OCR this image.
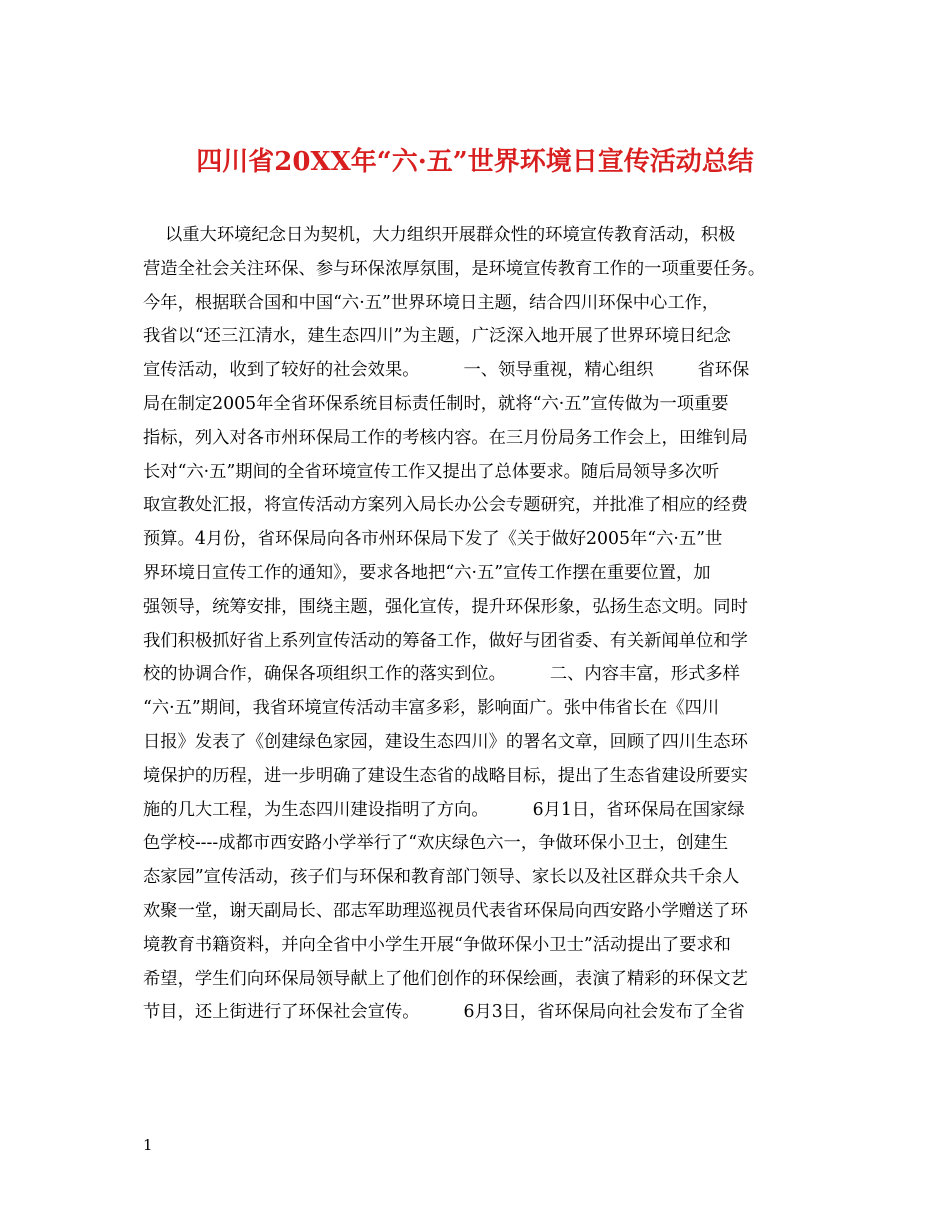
四川省20XX年“六·五”世界环境日宣传活动总结
以重大环境纪念日为契机，大力组织开展群众性的环境宣传教育活动，积极
营造全社会关注环保、参与环保浓厚氛围，是环境宣传教育工作的一项重要任务。
今年，根据联合国和中国“六·五”世界环境日主题，结合四川环保中心工作，
我省以“还三江清水，建生态四川”为主题，广泛深入地开展了世界环境日纪念
宣传活动，收到了较好的社会效果。        一、领导重视，精心组织        省环保
局在制定2005年全省环保系统目标责任制时，就将“六·五”宣传做为一项重要
指标，列入对各市州环保局工作的考核内容。在三月份局务工作会上，田维钊局
长对“六·五”期间的全省环境宣传工作又提出了总体要求。随后局领导多次听
取宣教处汇报，将宣传活动方案列入局长办公会专题研究，并批准了相应的经费
预算。4月份，省环保局向各市州环保局下发了《关于做好2005年“六·五”世
界环境日宣传工作的通知》，要求各地把“六·五”宣传工作摆在重要位置，加
强领导，统筹安排，围绕主题，强化宣传，提升环保形象，弘扬生态文明。同时
我们积极抓好省上系列宣传活动的筹备工作，做好与团省委、有关新闻单位和学
校的协调合作，确保各项组织工作的落实到位。        二、内容丰富，形式多样
“六·五”期间，我省环境宣传活动丰富多彩，影响面广。张中伟省长在《四川
日报》发表了《创建绿色家园，建设生态四川》的署名文章，回顾了四川生态环
境保护的历程，进一步明确了建设生态省的战略目标，提出了生态省建设所要实
施的几大工程，为生态四川建设指明了方向。        6月1日，省环保局在国家绿
色学校----成都市西安路小学举行了“欢庆绿色六一，争做环保小卫士，创建生
态家园”宣传活动，孩子们与环保和教育部门领导、家长以及社区群众共千余人
欢聚一堂，谢天副局长、邵志军助理巡视员代表省环保局向西安路小学赠送了环
境教育书籍资料，并向全省中小学生开展“争做环保小卫士”活动提出了要求和
希望，学生们向环保局领导献上了他们创作的环保绘画，表演了精彩的环保文艺
节目，还上街进行了环保社会宣传。        6月3日，省环保局向社会发布了全省
1
